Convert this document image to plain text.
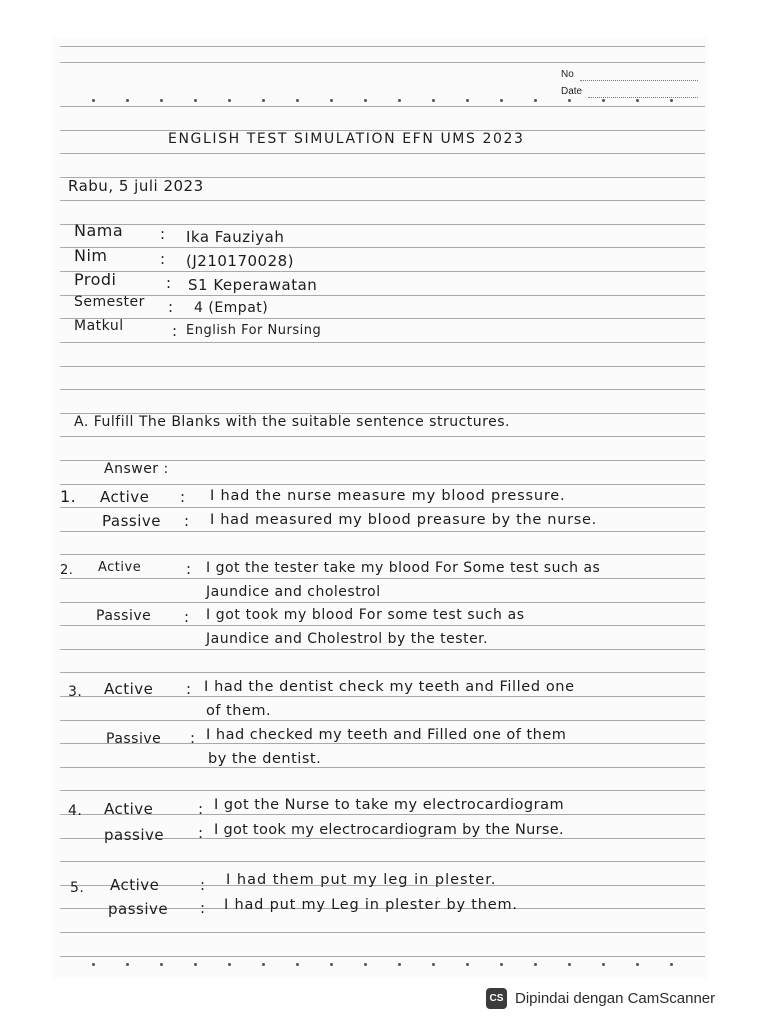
No
Date
ENGLISH TEST SIMULATION EFN UMS 2023
Rabu, 5 juli 2023
Nama : Ika Fauziyah
Nim	: (J210170028)
Prodi	: S1 Keperawatan
Semester : 4 (Empat)
Matkul	: English For Nursing
A. Fulfill The Blanks with the suitable sentence structures.
Answer :
1. Active : I had the nurse measure my blood pressure.
Passive : I had measured my blood preasure by the nurse.
2. Active	: I got the tester take my blood For Some test such as
Jaundice and cholestrol
Passive : I got took my blood For some test such as
Jaundice and Cholestrol by the tester.
3. Active : I had the dentist check my teeth and Filled one
of them.
Passive : I had checked my teeth and Filled one of them
by the dentist.
4. Active	: I got the Nurse to take my electrocardiogram
passive : I got took my electrocardiogram by the Nurse.
5. Active	: I had them put my leg in plester.
passive : I had put my Leg in plester by them.
CS Dipindai dengan CamScanner
